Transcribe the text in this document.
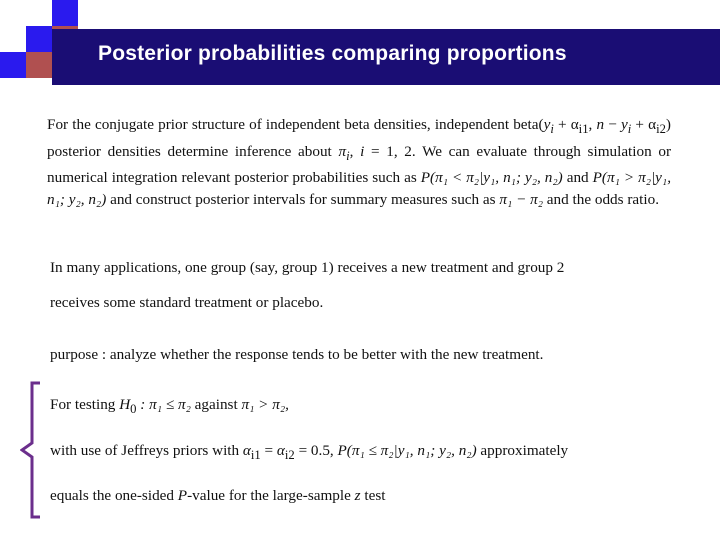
Posterior probabilities comparing proportions

For the conjugate prior structure of independent beta densities, independent $beta(y_i + \alpha_{i1}$, $n - y_i + \alpha_{i2}$) posterior densities determine inference about $\pi_i$, i = 1, 2. We can evaluate through simulation or numerical integration relevant posterior probabilities such as P(π₁ < π₂|y₁, n₁; y₂, n₂) and P(π₁ > π₂|y₁, n₁; y₂, n₂) and construct posterior intervals for summary measures such as π₁ − π₂ and the odds ratio.

In many applications, one group (say, group 1) receives a new treatment and group 2

receives some standard treatment or placebo.

purpose : analyze whether the response tends to be better with the new treatment.

For testing $H_0$ : π₁ ≤ π₂ against π₁ > π₂,

with use of Jeffreys priors with $\alpha_{i1} = \alpha_{i2} = 0.5$, P(π₁ ≤ π₂|y₁, n₁; y₂, n₂) approximately

equals the one-sided P-value for the large-sample z test
